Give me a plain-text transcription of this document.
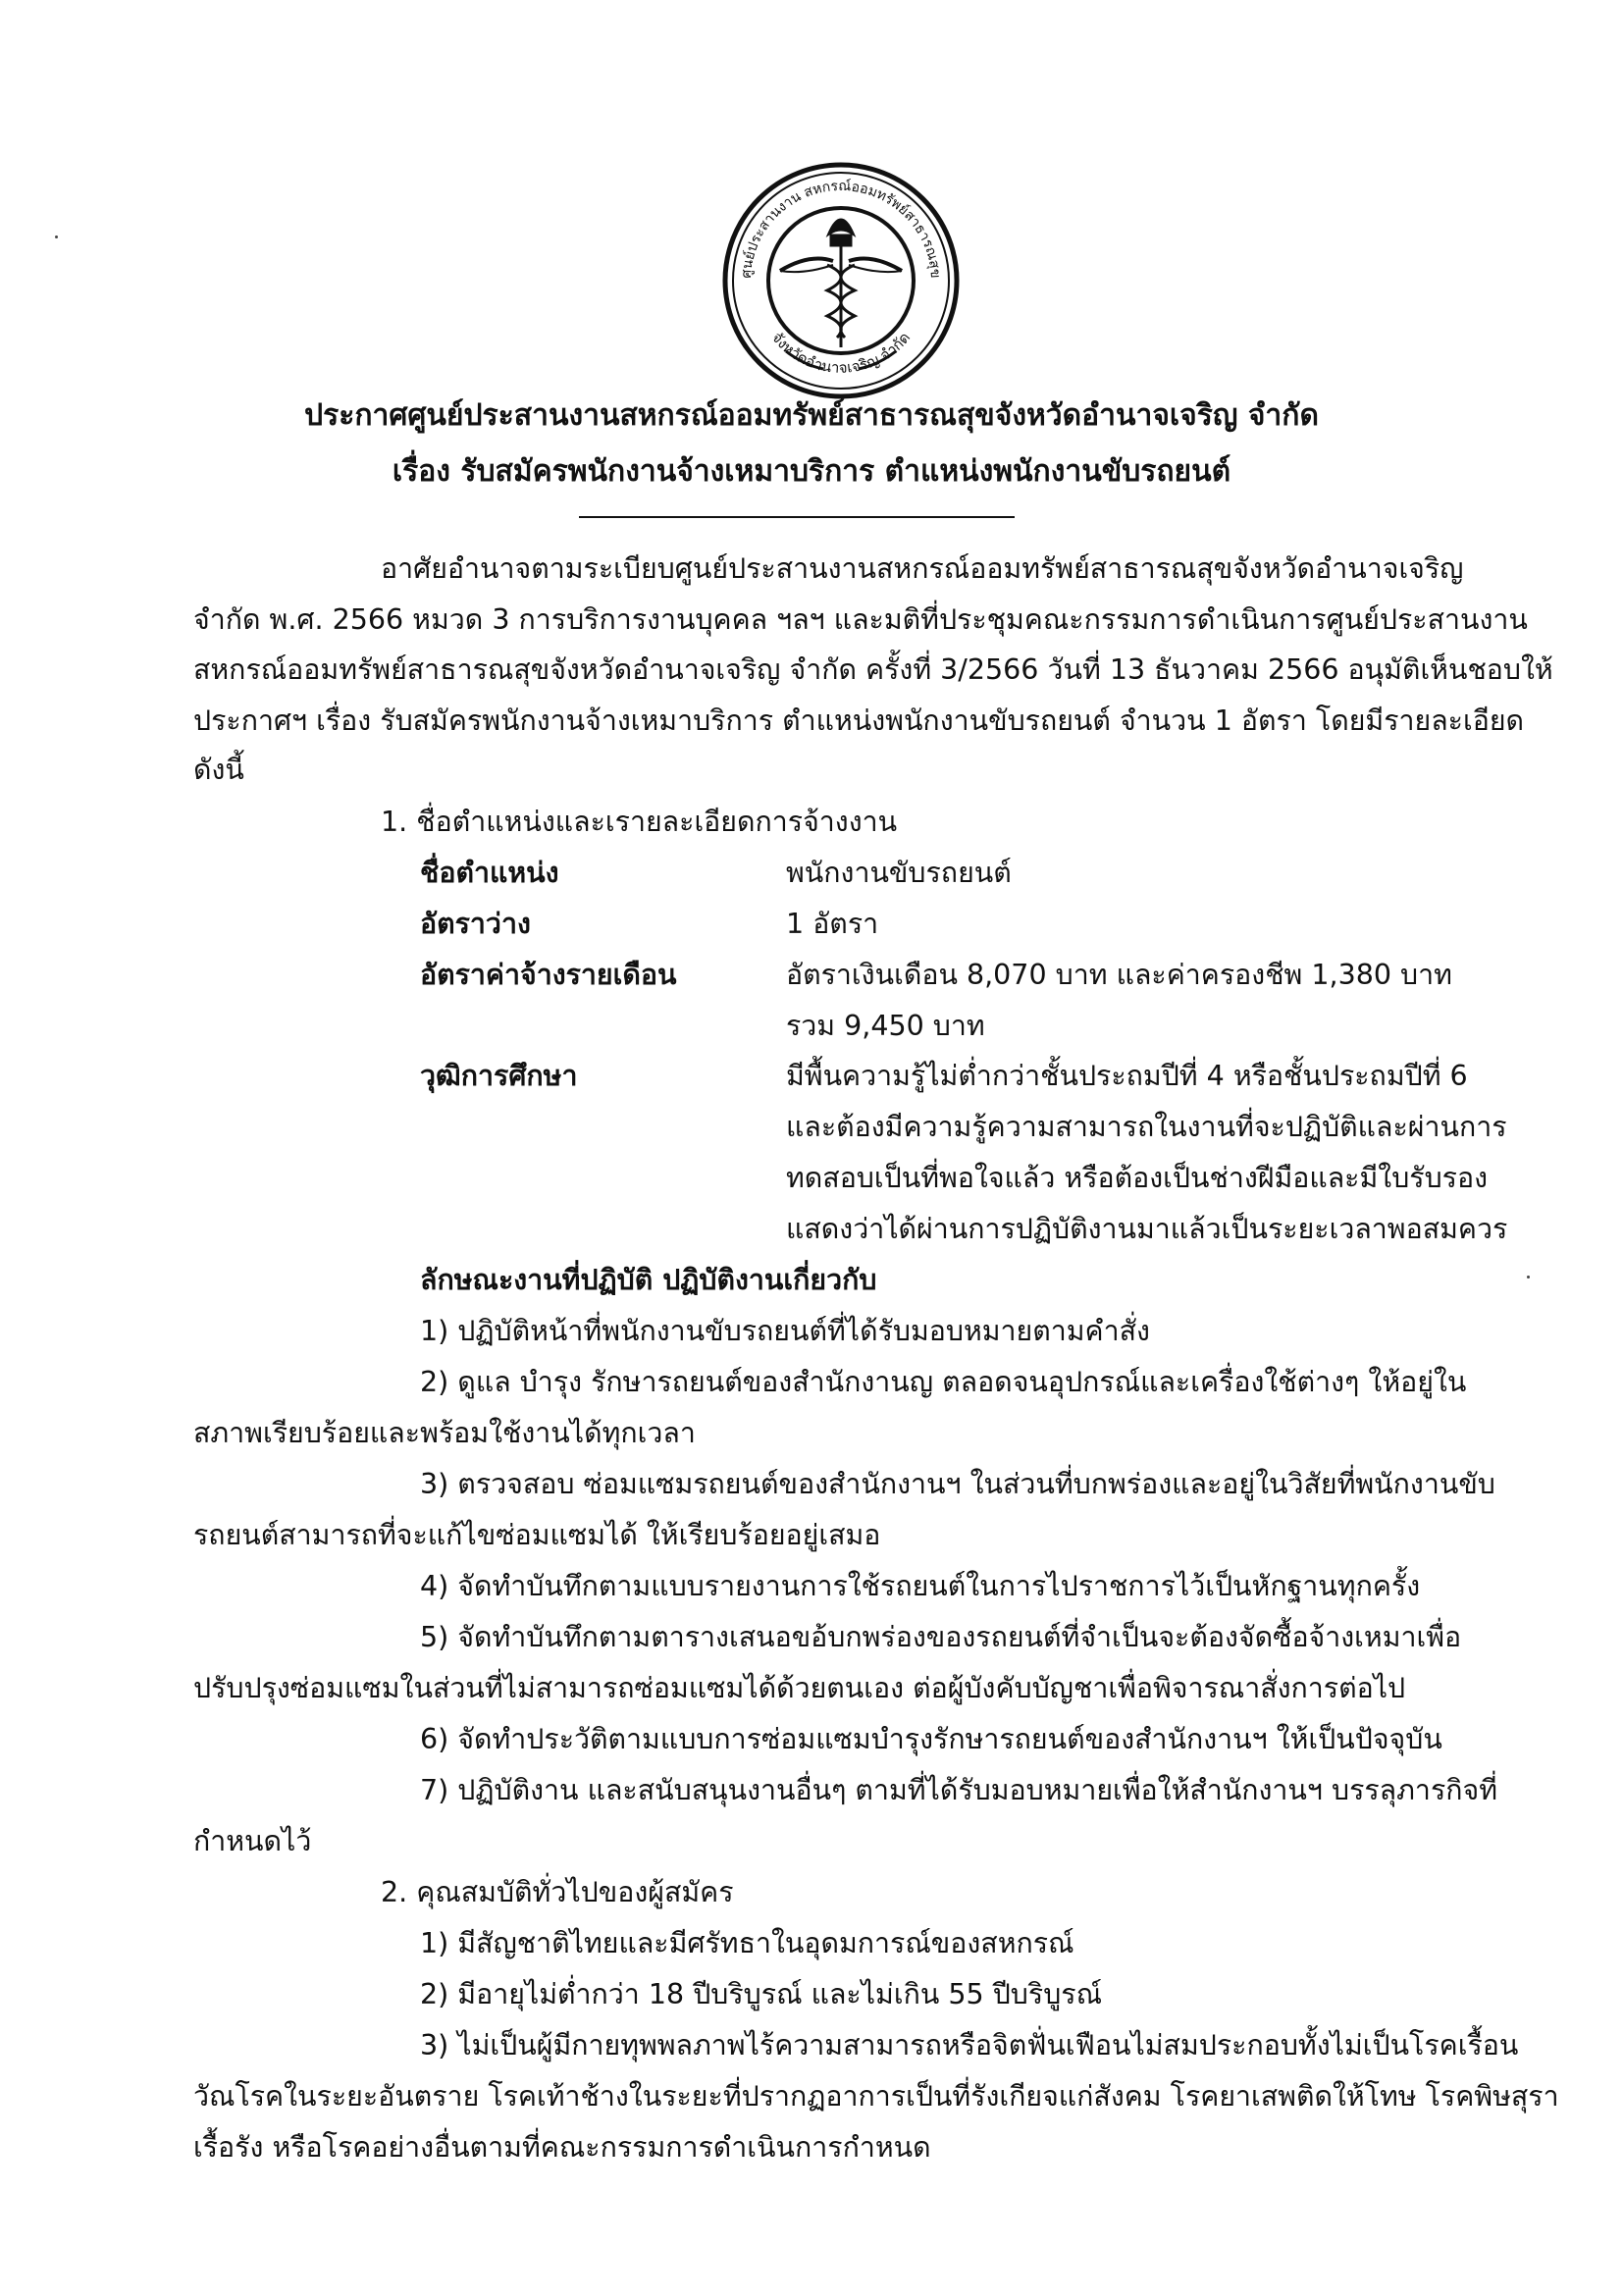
ศูนย์ประสานงาน สหกรณ์ออมทรัพย์สาธารณสุข
จังหวัดอำนาจเจริญ จำกัด
ประกาศศูนย์ประสานงานสหกรณ์ออมทรัพย์สาธารณสุขจังหวัดอำนาจเจริญ จำกัด
เรื่อง รับสมัครพนักงานจ้างเหมาบริการ ตำแหน่งพนักงานขับรถยนต์
อาศัยอำนาจตามระเบียบศูนย์ประสานงานสหกรณ์ออมทรัพย์สาธารณสุขจังหวัดอำนาจเจริญ
จำกัด พ.ศ. 2566 หมวด 3 การบริการงานบุคคล ฯลฯ และมติที่ประชุมคณะกรรมการดำเนินการศูนย์ประสานงาน
สหกรณ์ออมทรัพย์สาธารณสุขจังหวัดอำนาจเจริญ จำกัด ครั้งที่ 3/2566 วันที่ 13 ธันวาคม 2566 อนุมัติเห็นชอบให้
ประกาศฯ เรื่อง รับสมัครพนักงานจ้างเหมาบริการ ตำแหน่งพนักงานขับรถยนต์ จำนวน 1 อัตรา โดยมีรายละเอียด
ดังนี้
1. ชื่อตำแหน่งและเรายละเอียดการจ้างงาน
ชื่อตำแหน่ง	พนักงานขับรถยนต์
อัตราว่าง	1 อัตรา
อัตราค่าจ้างรายเดือน	อัตราเงินเดือน 8,070 บาท และค่าครองชีพ 1,380 บาท
รวม 9,450 บาท
วุฒิการศึกษา	มีพื้นความรู้ไม่ต่ำกว่าชั้นประถมปีที่ 4 หรือชั้นประถมปีที่ 6
และต้องมีความรู้ความสามารถในงานที่จะปฏิบัติและผ่านการ
ทดสอบเป็นที่พอใจแล้ว หรือต้องเป็นช่างฝีมือและมีใบรับรอง
แสดงว่าได้ผ่านการปฏิบัติงานมาแล้วเป็นระยะเวลาพอสมควร
ลักษณะงานที่ปฏิบัติ ปฏิบัติงานเกี่ยวกับ
1) ปฏิบัติหน้าที่พนักงานขับรถยนต์ที่ได้รับมอบหมายตามคำสั่ง
2) ดูแล บำรุง รักษารถยนต์ของสำนักงานญ ตลอดจนอุปกรณ์และเครื่องใช้ต่างๆ ให้อยู่ใน
สภาพเรียบร้อยและพร้อมใช้งานได้ทุกเวลา
3) ตรวจสอบ ซ่อมแซมรถยนต์ของสำนักงานฯ ในส่วนที่บกพร่องและอยู่ในวิสัยที่พนักงานขับ
รถยนต์สามารถที่จะแก้ไขซ่อมแซมได้ ให้เรียบร้อยอยู่เสมอ
4) จัดทำบันทึกตามแบบรายงานการใช้รถยนต์ในการไปราชการไว้เป็นหักฐานทุกครั้ง
5) จัดทำบันทึกตามตารางเสนอขอ้บกพร่องของรถยนต์ที่จำเป็นจะต้องจัดซื้อจ้างเหมาเพื่อ
ปรับปรุงซ่อมแซมในส่วนที่ไม่สามารถซ่อมแซมได้ด้วยตนเอง ต่อผู้บังคับบัญชาเพื่อพิจารณาสั่งการต่อไป
6) จัดทำประวัติตามแบบการซ่อมแซมบำรุงรักษารถยนต์ของสำนักงานฯ ให้เป็นปัจจุบัน
7) ปฏิบัติงาน และสนับสนุนงานอื่นๆ ตามที่ได้รับมอบหมายเพื่อให้สำนักงานฯ บรรลุภารกิจที่
กำหนดไว้
2. คุณสมบัติทั่วไปของผู้สมัคร
1) มีสัญชาติไทยและมีศรัทธาในอุดมการณ์ของสหกรณ์
2) มีอายุไม่ต่ำกว่า 18 ปีบริบูรณ์ และไม่เกิน 55 ปีบริบูรณ์
3) ไม่เป็นผู้มีกายทุพพลภาพไร้ความสามารถหรือจิตฟั่นเฟือนไม่สมประกอบทั้งไม่เป็นโรคเรื้อน
วัณโรคในระยะอันตราย โรคเท้าช้างในระยะที่ปรากฏอาการเป็นที่รังเกียจแก่สังคม โรคยาเสพติดให้โทษ โรคพิษสุรา
เรื้อรัง หรือโรคอย่างอื่นตามที่คณะกรรมการดำเนินการกำหนด
